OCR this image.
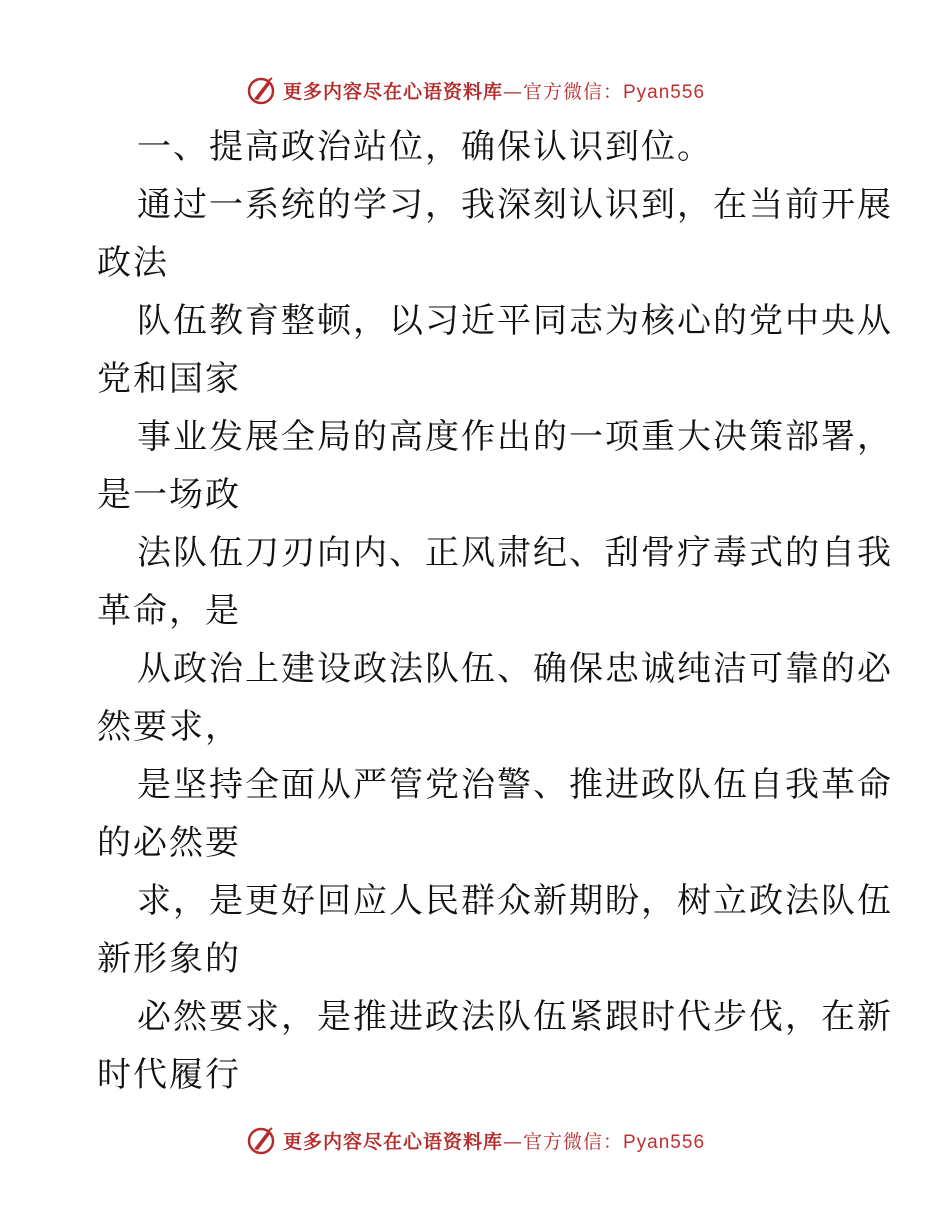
更多内容尽在心语资料库—官方微信：Pyan556
一、提高政治站位，确保认识到位。
通过一系统的学习，我深刻认识到，在当前开展
政法
队伍教育整顿，以习近平同志为核心的党中央从
党和国家
事业发展全局的高度作出的一项重大决策部署，
是一场政
法队伍刀刃向内、正风肃纪、刮骨疗毒式的自我
革命，是
从政治上建设政法队伍、确保忠诚纯洁可靠的必
然要求，
是坚持全面从严管党治警、推进政队伍自我革命
的必然要
求，是更好回应人民群众新期盼，树立政法队伍
新形象的
必然要求，是推进政法队伍紧跟时代步伐，在新
时代履行
更多内容尽在心语资料库—官方微信：Pyan556
